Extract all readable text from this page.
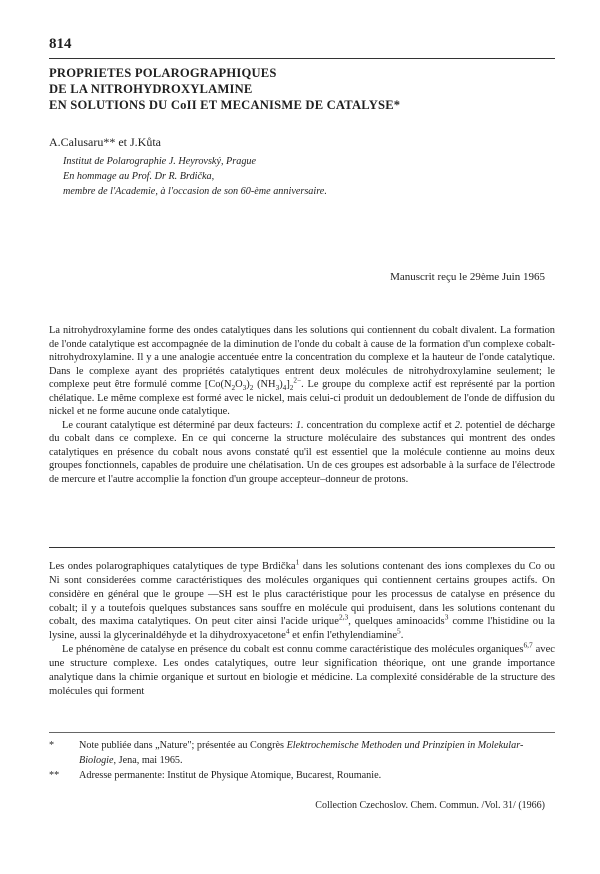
814
PROPRIETES POLAROGRAPHIQUES
DE LA NITROHYDROXYLAMINE
EN SOLUTIONS DU CoII ET MECANISME DE CATALYSE*
A.Calusaru** et J.Kůta
Institut de Polarographie J. Heyrovský, Prague
En hommage au Prof. Dr R. Brdička,
membre de l'Academie, à l'occasion de son 60-ème anniversaire.
Manuscrit reçu le 29ème Juin 1965

La nitrohydroxylamine forme des ondes catalytiques dans les solutions qui contiennent du cobalt divalent. La formation de l'onde catalytique est accompagnée de la diminution de l'onde du cobalt à cause de la formation d'un complexe cobalt-nitrohydroxylamine. Il y a une analogie accentuée entre la concentration du complexe et la hauteur de l'onde catalytique. Dans le complexe ayant des propriétés catalytiques entrent deux molécules de nitrohydroxylamine seulement; le complexe peut être formulé comme [$Co(N_2O_3)_2$ $(NH_3)_4]_2^{2-}$. Le groupe du complexe actif est représenté par la portion chélatique. Le même complexe est formé avec le nickel, mais celui-ci produit un dedoublement de l'onde de diffusion du nickel et ne forme aucune onde catalytique.

Le courant catalytique est déterminé par deux facteurs: 1. concentration du complexe actif et 2. potentiel de décharge du cobalt dans ce complexe. En ce qui concerne la structure moléculaire des substances qui montrent des ondes catalytiques en présence du cobalt nous avons constaté qu'il est essentiel que la molécule contienne au moins deux groupes fonctionnels, capables de produire une chélatisation. Un de ces groupes est adsorbable à la surface de l'électrode de mercure et l'autre accomplie la fonction d'un groupe accepteur–donneur de protons.

Les ondes polarographiques catalytiques de type Brdička$^1$ dans les solutions contenant des ions complexes du Co ou Ni sont considerées comme caractéristiques des molécules organiques qui contiennent certains groupes actifs. On considère en général que le groupe —SH est le plus caractéristique pour les processus de catalyse en présence du cobalt; il y a toutefois quelques substances sans souffre en molécule qui produisent, dans les solutions contenant du cobalt, des maxima catalytiques. On peut citer ainsi l'acide urique$^{2,3}$, quelques aminoacids$^3$ comme l'histidine ou la lysine, aussi la glycerinaldéhyde et la dihydroxyacetone$^4$ et enfin l'ethylendiamine$^5$.

Le phénomène de catalyse en présence du cobalt est connu comme caractéristique des molécules organiques$^{6,7}$ avec une structure complexe. Les ondes catalytiques, outre leur signification théorique, ont une grande importance analytique dans la chimie organique et surtout en biologie et médicine. La complexité considérable de la structure des molécules qui forment

*	Note publiée dans „Nature"; présentée au Congrès Elektrochemische Methoden und Prinzipien in Molekular-Biologie, Jena, mai 1965.
**	Adresse permanente: Institut de Physique Atomique, Bucarest, Roumanie.
Collection Czechoslov. Chem. Commun. /Vol. 31/ (1966)
